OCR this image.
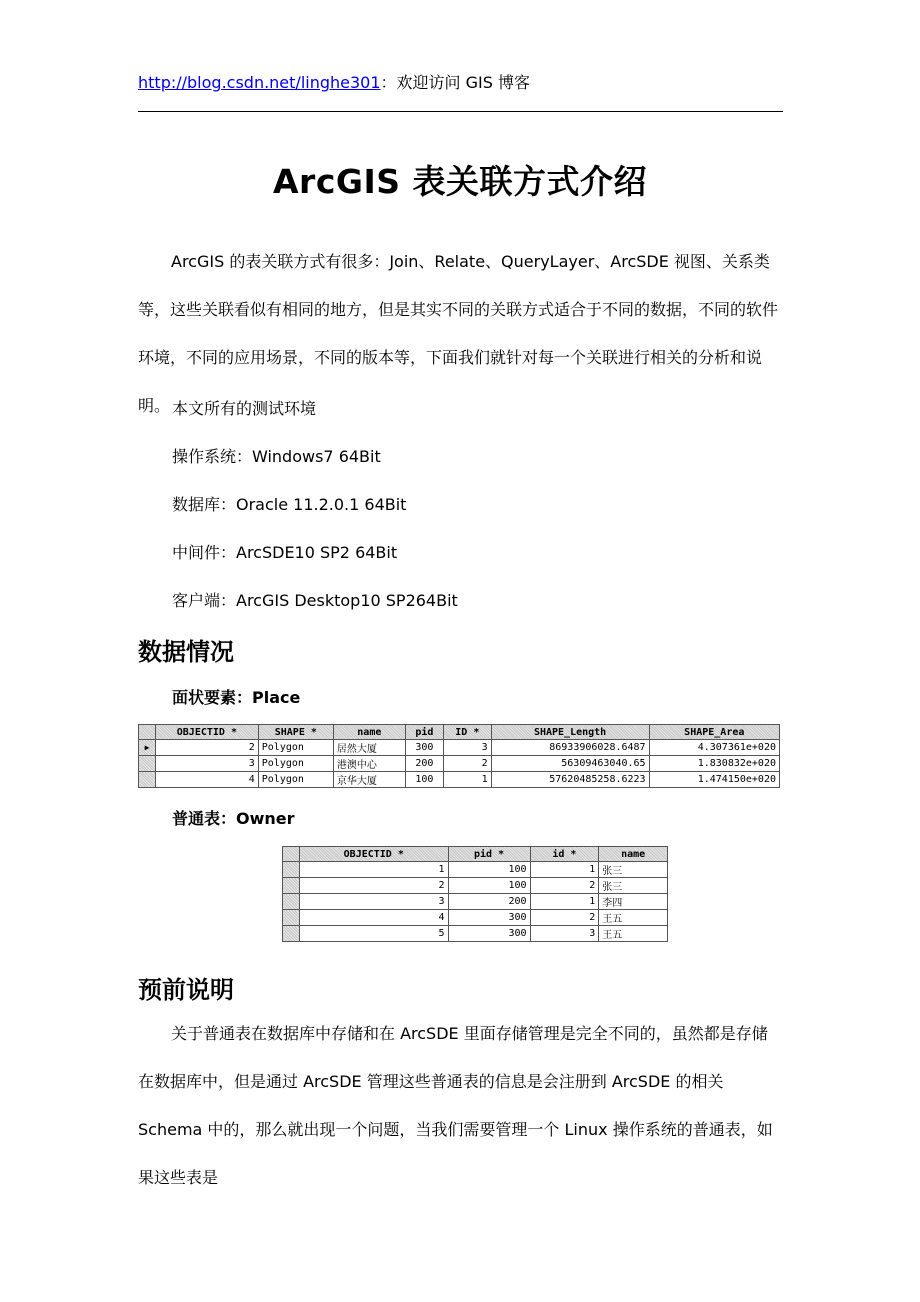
http://blog.csdn.net/linghe301：欢迎访问 GIS 博客
ArcGIS 表关联方式介绍
ArcGIS 的表关联方式有很多：Join、Relate、QueryLayer、ArcSDE 视图、关系类等，这些关联看似有相同的地方，但是其实不同的关联方式适合于不同的数据，不同的软件环境，不同的应用场景，不同的版本等，下面我们就针对每一个关联进行相关的分析和说明。 本文所有的测试环境
操作系统：Windows7 64Bit
数据库：Oracle 11.2.0.1 64Bit
中间件：ArcSDE10 SP2 64Bit
客户端：ArcGIS Desktop10 SP264Bit
数据情况
面状要素：Place
	OBJECTID *	SHAPE *	name	pid	ID *	SHAPE_Length	SHAPE_Area

▶	2	Polygon	居然大厦	300	3	86933906028.6487	4.307361e+020
	3	Polygon	港澳中心	200	2	56309463040.65	1.830832e+020
	4	Polygon	京华大厦	100	1	57620485258.6223	1.474150e+020
普通表：Owner
	OBJECTID *	pid *	id *	name
	1	100	1	张三
	2	100	2	张三
	3	200	1	李四
	4	300	2	王五
	5	300	3	王五
预前说明
关于普通表在数据库中存储和在 ArcSDE 里面存储管理是完全不同的，虽然都是存储在数据库中，但是通过 ArcSDE 管理这些普通表的信息是会注册到 ArcSDE 的相关 Schema 中的，那么就出现一个问题，当我们需要管理一个 Linux 操作系统的普通表，如果这些表是
